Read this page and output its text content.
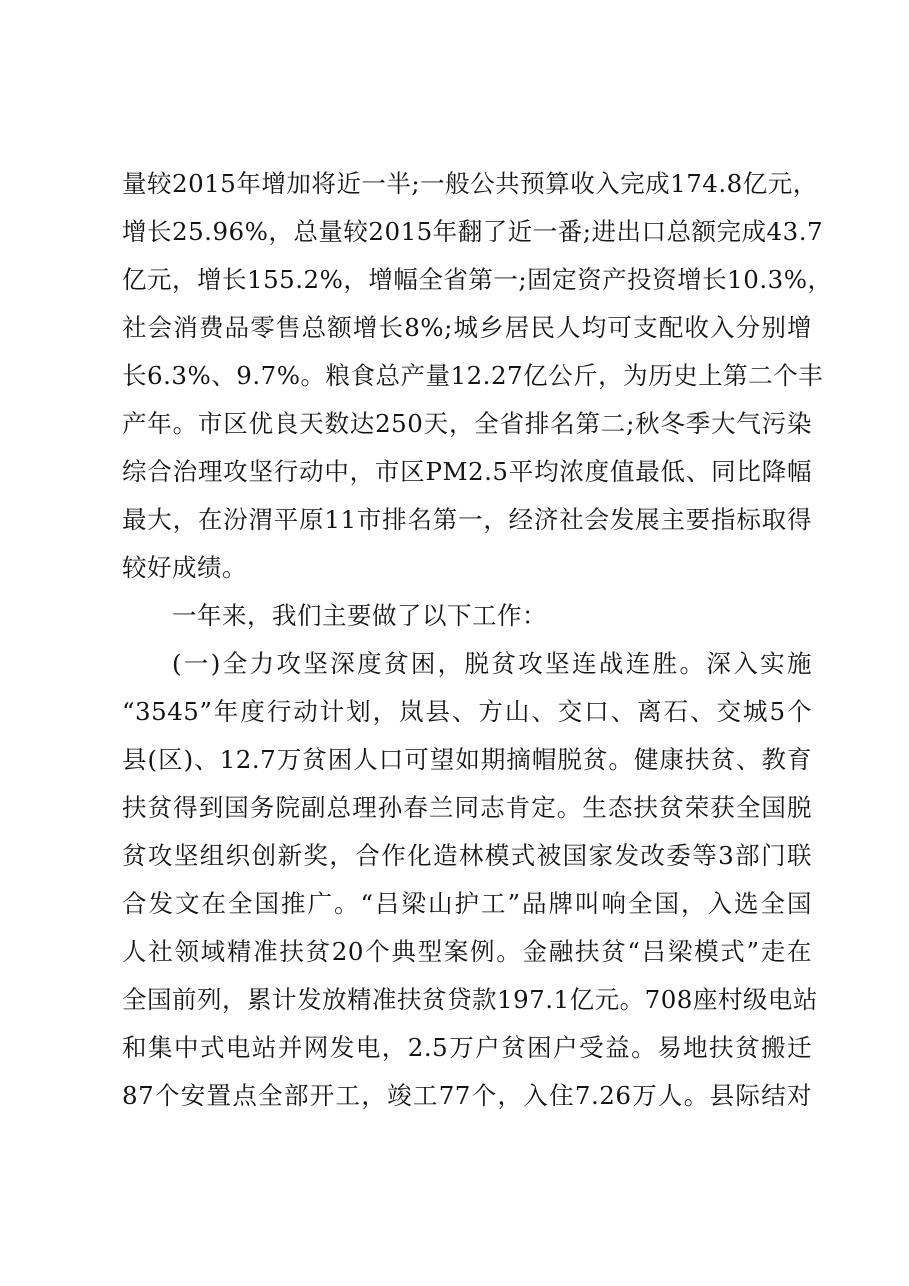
量较2015年增加将近一半;一般公共预算收入完成174.8亿元，
增长25.96%，总量较2015年翻了近一番;进出口总额完成43.7
亿元，增长155.2%，增幅全省第一;固定资产投资增长10.3%，
社会消费品零售总额增长8%;城乡居民人均可支配收入分别增
长6.3%、9.7%。粮食总产量12.27亿公斤，为历史上第二个丰
产年。市区优良天数达250天，全省排名第二;秋冬季大气污染
综合治理攻坚行动中，市区PM2.5平均浓度值最低、同比降幅
最大，在汾渭平原11市排名第一，经济社会发展主要指标取得
较好成绩。
一年来，我们主要做了以下工作：
(一)全力攻坚深度贫困，脱贫攻坚连战连胜。深入实施
“3545”年度行动计划，岚县、方山、交口、离石、交城5个
县(区)、12.7万贫困人口可望如期摘帽脱贫。健康扶贫、教育
扶贫得到国务院副总理孙春兰同志肯定。生态扶贫荣获全国脱
贫攻坚组织创新奖，合作化造林模式被国家发改委等3部门联
合发文在全国推广。“吕梁山护工”品牌叫响全国，入选全国
人社领域精准扶贫20个典型案例。金融扶贫“吕梁模式”走在
全国前列，累计发放精准扶贫贷款197.1亿元。708座村级电站
和集中式电站并网发电，2.5万户贫困户受益。易地扶贫搬迁
87个安置点全部开工，竣工77个，入住7.26万人。县际结对
